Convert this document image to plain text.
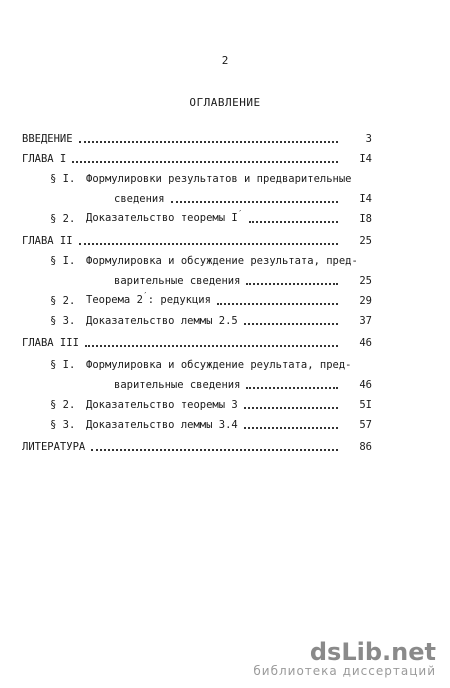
2
ОГЛАВЛЕНИЕ
ВВЕДЕНИЕ	3
ГЛАВА I	I4
§ I.	Формулировки результатов и предварительные
сведения	I4
§ 2.	Доказательство теоремы I′	I8
ГЛАВА II	25
§ I.	Формулировка и обсуждение результата, пред-
варительные сведения	25
§ 2.	Теорема 2′: редукция	29
§ 3.	Доказательство леммы 2.5	37
ГЛАВА III	46
§ I.	Формулировка и обсуждение реультата, пред-
варительные сведения	46
§ 2.	Доказательство теоремы 3	5I
§ 3.	Доказательство леммы 3.4	57
ЛИТЕРАТУРА	86
dsLib.net
библиотека диссертаций
